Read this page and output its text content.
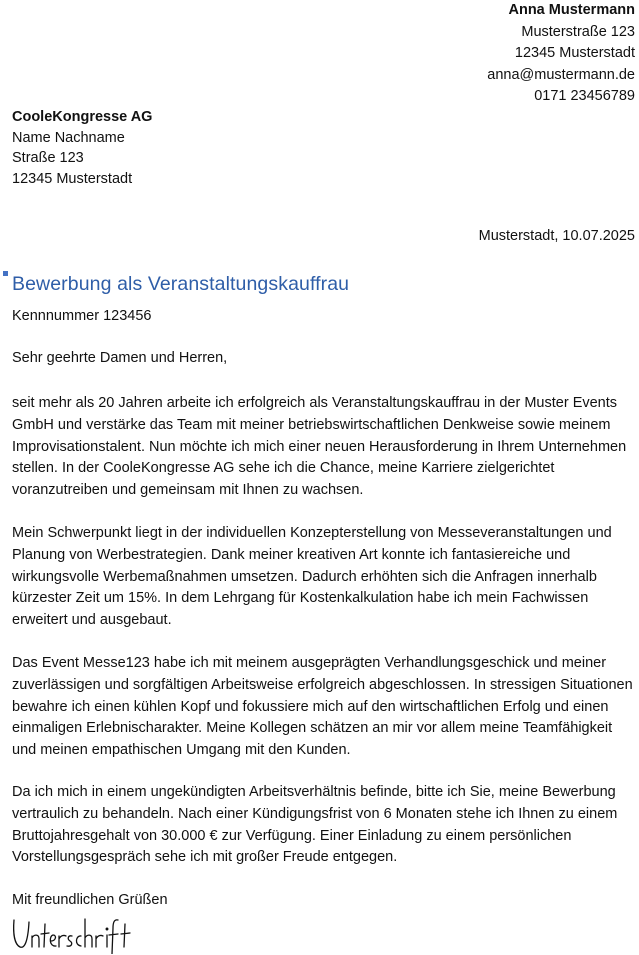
Anna Mustermann
Musterstraße 123
12345 Musterstadt
anna@mustermann.de
0171 23456789
CooleKongresse AG
Name Nachname
Straße 123
12345 Musterstadt
Musterstadt, 10.07.2025
Bewerbung als Veranstaltungskauffrau
Kennnummer 123456
Sehr geehrte Damen und Herren,
seit mehr als 20 Jahren arbeite ich erfolgreich als Veranstaltungskauffrau in der Muster Events GmbH und verstärke das Team mit meiner betriebswirtschaftlichen Denkweise sowie meinem Improvisationstalent. Nun möchte ich mich einer neuen Herausforderung in Ihrem Unternehmen stellen. In der CooleKongresse AG sehe ich die Chance, meine Karriere zielgerichtet voranzutreiben und gemeinsam mit Ihnen zu wachsen.
Mein Schwerpunkt liegt in der individuellen Konzepterstellung von Messeveranstaltungen und Planung von Werbestrategien. Dank meiner kreativen Art konnte ich fantasiereiche und wirkungsvolle Werbemaßnahmen umsetzen. Dadurch erhöhten sich die Anfragen innerhalb kürzester Zeit um 15%. In dem Lehrgang für Kostenkalkulation habe ich mein Fachwissen erweitert und ausgebaut.
Das Event Messe123 habe ich mit meinem ausgeprägten Verhandlungsgeschick und meiner zuverlässigen und sorgfältigen Arbeitsweise erfolgreich abgeschlossen. In stressigen Situationen bewahre ich einen kühlen Kopf und fokussiere mich auf den wirtschaftlichen Erfolg und einen einmaligen Erlebnischarakter. Meine Kollegen schätzen an mir vor allem meine Teamfähigkeit und meinen empathischen Umgang mit den Kunden.
Da ich mich in einem ungekündigten Arbeitsverhältnis befinde, bitte ich Sie, meine Bewerbung vertraulich zu behandeln. Nach einer Kündigungsfrist von 6 Monaten stehe ich Ihnen zu einem Bruttojahresgehalt von 30.000 € zur Verfügung. Einer Einladung zu einem persönlichen Vorstellungsgespräch sehe ich mit großer Freude entgegen.
Mit freundlichen Grüßen
